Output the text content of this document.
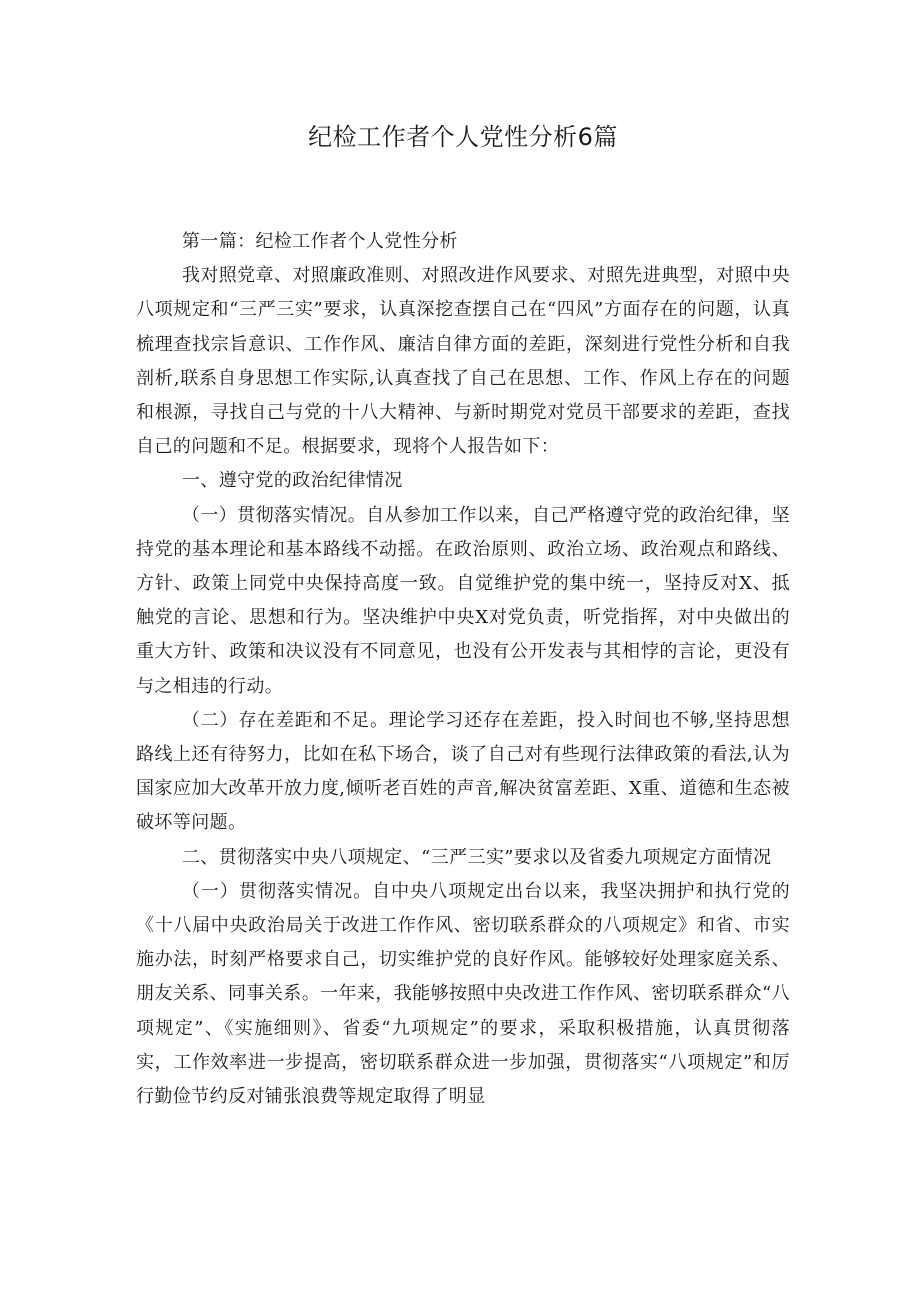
纪检工作者个人党性分析6篇

第一篇：纪检工作者个人党性分析

我对照党章、对照廉政准则、对照改进作风要求、对照先进典型，对照中央八项规定和“三严三实”要求，认真深挖查摆自己在“四风”方面存在的问题，认真梳理查找宗旨意识、工作作风、廉洁自律方面的差距，深刻进行党性分析和自我剖析,联系自身思想工作实际,认真查找了自己在思想、工作、作风上存在的问题和根源，寻找自己与党的十八大精神、与新时期党对党员干部要求的差距，查找自己的问题和不足。根据要求，现将个人报告如下：

一、遵守党的政治纪律情况

（一）贯彻落实情况。自从参加工作以来，自己严格遵守党的政治纪律，坚持党的基本理论和基本路线不动摇。在政治原则、政治立场、政治观点和路线、方针、政策上同党中央保持高度一致。自觉维护党的集中统一，坚持反对X、抵触党的言论、思想和行为。坚决维护中央X对党负责，听党指挥，对中央做出的重大方针、政策和决议没有不同意见，也没有公开发表与其相悖的言论，更没有与之相违的行动。

（二）存在差距和不足。理论学习还存在差距，投入时间也不够,坚持思想路线上还有待努力，比如在私下场合，谈了自己对有些现行法律政策的看法,认为国家应加大改革开放力度,倾听老百姓的声音,解决贫富差距、X重、道德和生态被破坏等问题。

二、贯彻落实中央八项规定、“三严三实”要求以及省委九项规定方面情况

（一）贯彻落实情况。自中央八项规定出台以来，我坚决拥护和执行党的《十八届中央政治局关于改进工作作风、密切联系群众的八项规定》和省、市实施办法，时刻严格要求自己，切实维护党的良好作风。能够较好处理家庭关系、朋友关系、同事关系。一年来，我能够按照中央改进工作作风、密切联系群众“八项规定”、《实施细则》、省委“九项规定”的要求，采取积极措施，认真贯彻落实，工作效率进一步提高，密切联系群众进一步加强，贯彻落实“八项规定”和厉行勤俭节约反对铺张浪费等规定取得了明显
